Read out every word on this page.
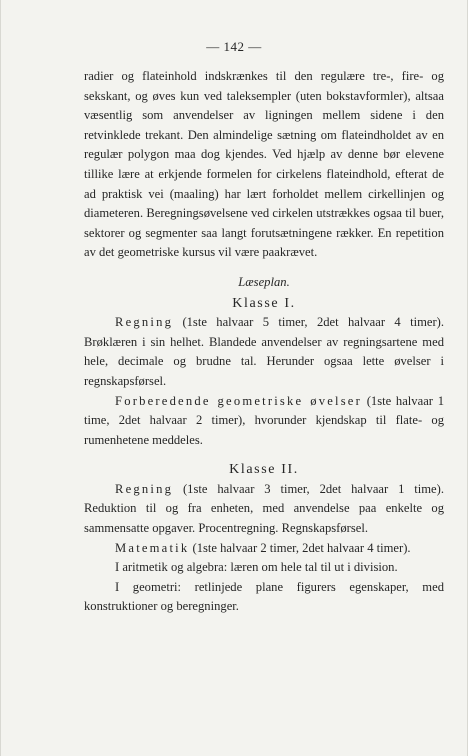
— 142 —

radier og flateinhold indskrænkes til den regulære tre-, fire- og sekskant, og øves kun ved taleksempler (uten bokstavformler), altsaa væsentlig som anvendelser av ligningen mellem sidene i den retvinklede trekant. Den almindelige sætning om flateindholdet av en regulær polygon maa dog kjendes. Ved hjælp av denne bør elevene tillike lære at erkjende formelen for cirkelens flateindhold, efterat de ad praktisk vei (maaling) har lært forholdet mellem cirkellinjen og diameteren. Beregningsøvelsene ved cirkelen utstrækkes ogsaa til buer, sektorer og segmenter saa langt forutsætningene rækker. En repetition av det geometriske kursus vil være paakrævet.

Læseplan.

Klasse I.

Regning (1ste halvaar 5 timer, 2det halvaar 4 timer). Brøklæren i sin helhet. Blandede anvendelser av regningsartene med hele, decimale og brudne tal. Herunder ogsaa lette øvelser i regnskapsførsel.

Forberedende geometriske øvelser (1ste halvaar 1 time, 2det halvaar 2 timer), hvorunder kjendskap til flate- og rumenhetene meddeles.

Klasse II.

Regning (1ste halvaar 3 timer, 2det halvaar 1 time). Reduktion til og fra enheten, med anvendelse paa enkelte og sammensatte opgaver. Procentregning. Regnskapsførsel.

Matematik (1ste halvaar 2 timer, 2det halvaar 4 timer).

I aritmetik og algebra: læren om hele tal til ut i division.

I geometri: retlinjede plane figurers egenskaper, med konstruktioner og beregninger.
